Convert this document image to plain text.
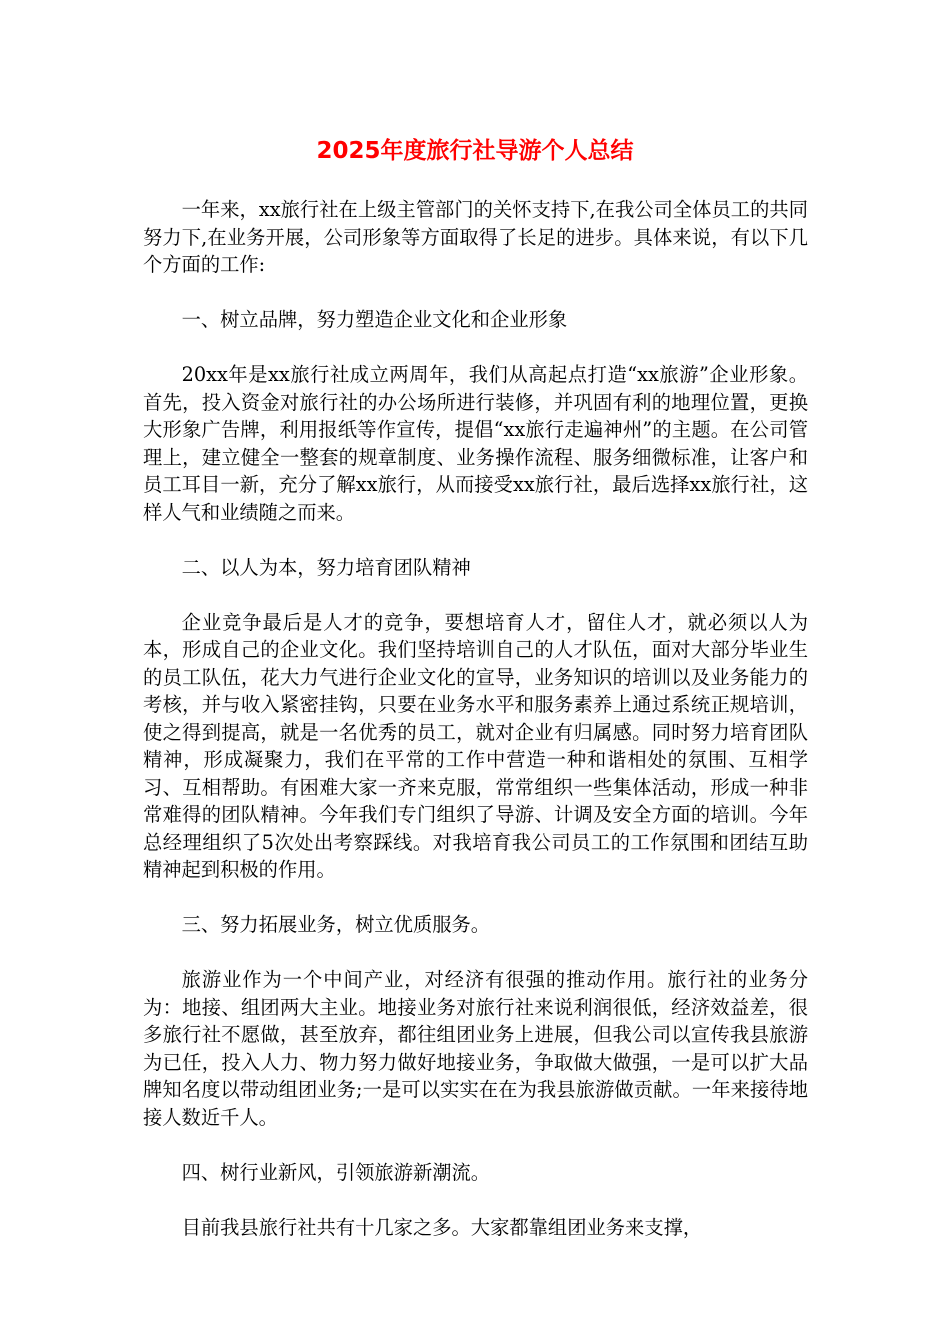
2025年度旅行社导游个人总结

一年来，xx旅行社在上级主管部门的关怀支持下,在我公司全体员工的共同努力下,在业务开展，公司形象等方面取得了长足的进步。具体来说，有以下几个方面的工作:

一、树立品牌，努力塑造企业文化和企业形象

20xx年是xx旅行社成立两周年，我们从高起点打造“xx旅游”企业形象。首先，投入资金对旅行社的办公场所进行装修，并巩固有利的地理位置，更换大形象广告牌，利用报纸等作宣传，提倡“xx旅行走遍神州”的主题。在公司管理上，建立健全一整套的规章制度、业务操作流程、服务细微标准，让客户和员工耳目一新，充分了解xx旅行，从而接受xx旅行社，最后选择xx旅行社，这样人气和业绩随之而来。

二、以人为本，努力培育团队精神

企业竞争最后是人才的竞争，要想培育人才，留住人才，就必须以人为本，形成自己的企业文化。我们坚持培训自己的人才队伍，面对大部分毕业生的员工队伍，花大力气进行企业文化的宣导，业务知识的培训以及业务能力的考核，并与收入紧密挂钩，只要在业务水平和服务素养上通过系统正规培训，使之得到提高，就是一名优秀的员工，就对企业有归属感。同时努力培育团队精神，形成凝聚力，我们在平常的工作中营造一种和谐相处的氛围、互相学习、互相帮助。有困难大家一齐来克服，常常组织一些集体活动，形成一种非常难得的团队精神。今年我们专门组织了导游、计调及安全方面的培训。今年总经理组织了5次处出考察踩线。对我培育我公司员工的工作氛围和团结互助精神起到积极的作用。

三、努力拓展业务，树立优质服务。

旅游业作为一个中间产业，对经济有很强的推动作用。旅行社的业务分为：地接、组团两大主业。地接业务对旅行社来说利润很低，经济效益差，很多旅行社不愿做，甚至放弃，都往组团业务上进展，但我公司以宣传我县旅游为已任，投入人力、物力努力做好地接业务，争取做大做强，一是可以扩大品牌知名度以带动组团业务;一是可以实实在在为我县旅游做贡献。一年来接待地接人数近千人。

四、树行业新风，引领旅游新潮流。

目前我县旅行社共有十几家之多。大家都靠组团业务来支撑，
